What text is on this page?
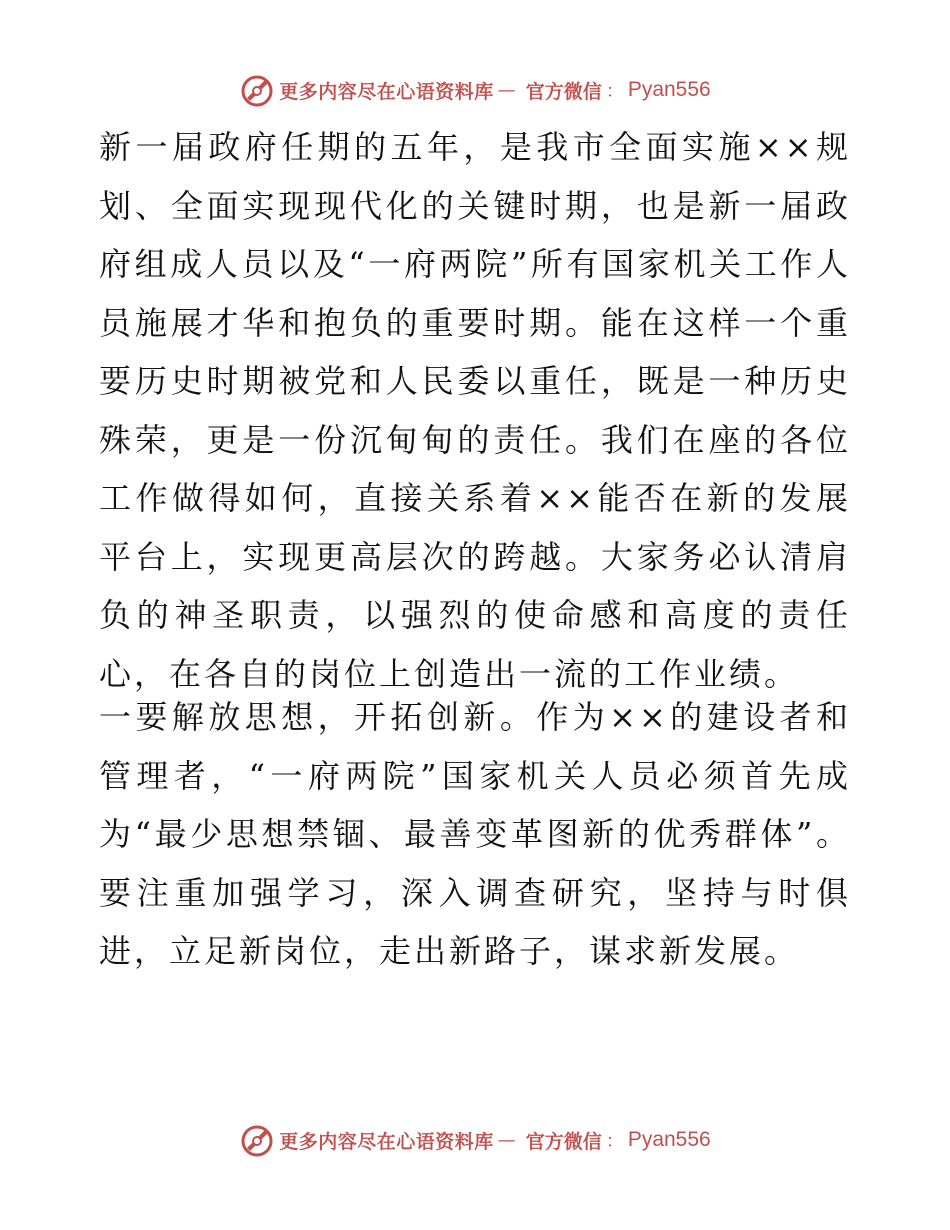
更多内容尽在心语资料库 — 官方微信 ： Pyan556

新一届政府任期的五年，是我市全面实施××规划、全面实现现代化的关键时期，也是新一届政府组成人员以及“一府两院”所有国家机关工作人员施展才华和抱负的重要时期。能在这样一个重要历史时期被党和人民委以重任，既是一种历史殊荣，更是一份沉甸甸的责任。我们在座的各位工作做得如何，直接关系着××能否在新的发展平台上，实现更高层次的跨越。大家务必认清肩负的神圣职责，以强烈的使命感和高度的责任心，在各自的岗位上创造出一流的工作业绩。

一要解放思想，开拓创新。作为××的建设者和管理者，“一府两院”国家机关人员必须首先成为“最少思想禁锢、最善变革图新的优秀群体”。要注重加强学习，深入调查研究，坚持与时俱进，立足新岗位，走出新路子，谋求新发展。

更多内容尽在心语资料库 — 官方微信 ： Pyan556
